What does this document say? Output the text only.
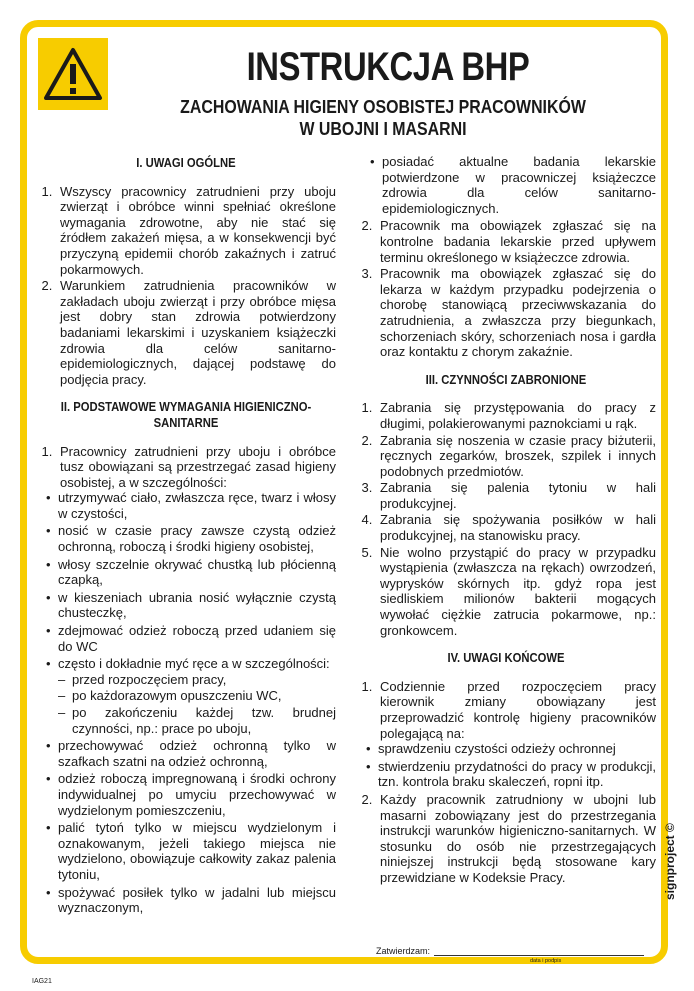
INSTRUKCJA BHP
ZACHOWANIA HIGIENY OSOBISTEJ PRACOWNIKÓW
W UBOJNI I MASARNI
I. UWAGI OGÓLNE
1. Wszyscy pracownicy zatrudnieni przy uboju zwierząt i obróbce winni spełniać określone wymagania zdrowotne, aby nie stać się źródłem zakażeń mięsa, a w konsekwencji być przyczyną epidemii chorób zakaźnych i zatruć pokarmowych.
2. Warunkiem zatrudnienia pracowników w zakładach uboju zwierząt i przy obróbce mięsa jest dobry stan zdrowia potwierdzony badaniami lekarskimi i uzyskaniem książeczki zdrowia dla celów sanitarno-epidemiologicznych, dającej podstawę do podjęcia pracy.
II. PODSTAWOWE WYMAGANIA HIGIENICZNO-
SANITARNE
1. Pracownicy zatrudnieni przy uboju i obróbce tusz obowiązani są przestrzegać zasad higieny osobistej, a w szczególności:
• utrzymywać ciało, zwłaszcza ręce, twarz i włosy w czystości,
• nosić w czasie pracy zawsze czystą odzież ochronną, roboczą i środki higieny osobistej,
• włosy szczelnie okrywać chustką lub płócienną czapką,
• w kieszeniach ubrania nosić wyłącznie czystą chusteczkę,
• zdejmować odzież roboczą przed udaniem się do WC
• często i dokładnie myć ręce a w szczególności:
– przed rozpoczęciem pracy,
– po każdorazowym opuszczeniu WC,
– po zakończeniu każdej tzw. brudnej czynności, np.: prace po uboju,
• przechowywać odzież ochronną tylko w szafkach szatni na odzież ochronną,
• odzież roboczą impregnowaną i środki ochrony indywidualnej po umyciu przechowywać w wydzielonym pomieszczeniu,
• palić tytoń tylko w miejscu wydzielonym i oznakowanym, jeżeli takiego miejsca nie wydzielono, obowiązuje całkowity zakaz palenia tytoniu,
• spożywać posiłek tylko w jadalni lub miejscu wyznaczonym,
• posiadać aktualne badania lekarskie potwierdzone w pracowniczej książeczce zdrowia dla celów sanitarno-epidemiologicznych.
2. Pracownik ma obowiązek zgłaszać się na kontrolne badania lekarskie przed upływem terminu określonego w książeczce zdrowia.
3. Pracownik ma obowiązek zgłaszać się do lekarza w każdym przypadku podejrzenia o chorobę stanowiącą przeciwwskazania do zatrudnienia, a zwłaszcza przy biegunkach, schorzeniach skóry, schorzeniach nosa i gardła oraz kontaktu z chorym zakaźnie.
III. CZYNNOŚCI ZABRONIONE
1. Zabrania się przystępowania do pracy z długimi, polakierowanymi paznokciami u rąk.
2. Zabrania się noszenia w czasie pracy biżuterii, ręcznych zegarków, broszek, szpilek i innych podobnych przedmiotów.
3. Zabrania się palenia tytoniu w hali produkcyjnej.
4. Zabrania się spożywania posiłków w hali produkcyjnej, na stanowisku pracy.
5. Nie wolno przystąpić do pracy w przypadku wystąpienia (zwłaszcza na rękach) owrzodzeń, wyprysków skórnych itp. gdyż ropa jest siedliskiem milionów bakterii mogących wywołać ciężkie zatrucia pokarmowe, np.: gronkowcem.
IV. UWAGI KOŃCOWE
1. Codziennie przed rozpoczęciem pracy kierownik zmiany obowiązany jest przeprowadzić kontrolę higieny pracowników polegającą na:
• sprawdzeniu czystości odzieży ochronnej
• stwierdzeniu przydatności do pracy w produkcji, tzn. kontrola braku skaleczeń, ropni itp.
2. Każdy pracownik zatrudniony w ubojni lub masarni zobowiązany jest do przestrzegania instrukcji warunków higieniczno-sanitarnych. W stosunku do osób nie przestrzegających niniejszej instrukcji będą stosowane kary przewidziane w Kodeksie Pracy.
Zatwierdzam:
data i podpis
signproject ©
IAG21
